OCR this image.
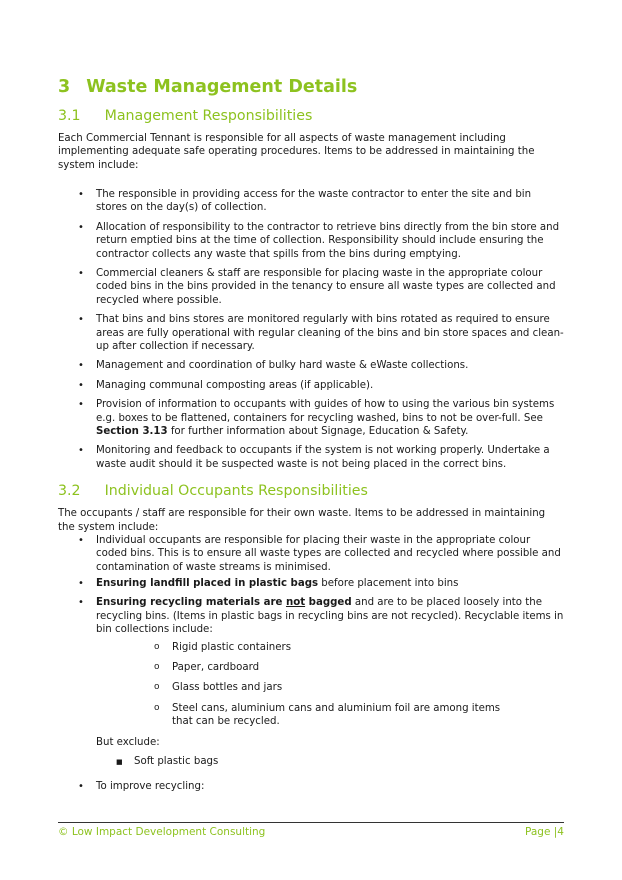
3 Waste Management Details
3.1 Management Responsibilities

Each Commercial Tennant is responsible for all aspects of waste management including implementing adequate safe operating procedures. Items to be addressed in maintaining the system include:

• The responsible in providing access for the waste contractor to enter the site and bin stores on the day(s) of collection.
• Allocation of responsibility to the contractor to retrieve bins directly from the bin store and return emptied bins at the time of collection. Responsibility should include ensuring the contractor collects any waste that spills from the bins during emptying.
• Commercial cleaners & staff are responsible for placing waste in the appropriate colour coded bins in the bins provided in the tenancy to ensure all waste types are collected and recycled where possible.
• That bins and bins stores are monitored regularly with bins rotated as required to ensure areas are fully operational with regular cleaning of the bins and bin store spaces and clean-up after collection if necessary.
• Management and coordination of bulky hard waste & eWaste collections.
• Managing communal composting areas (if applicable).
• Provision of information to occupants with guides of how to using the various bin systems e.g. boxes to be flattened, containers for recycling washed, bins to not be over-full. See Section 3.13 for further information about Signage, Education & Safety.
• Monitoring and feedback to occupants if the system is not working properly. Undertake a waste audit should it be suspected waste is not being placed in the correct bins.
3.2 Individual Occupants Responsibilities

The occupants / staff are responsible for their own waste. Items to be addressed in maintaining the system include:

• Individual occupants are responsible for placing their waste in the appropriate colour coded bins. This is to ensure all waste types are collected and recycled where possible and contamination of waste streams is minimised.
• Ensuring landfill placed in plastic bags before placement into bins
• Ensuring recycling materials are not bagged and are to be placed loosely into the recycling bins. (Items in plastic bags in recycling bins are not recycled). Recyclable items in bin collections include:
o Rigid plastic containers
o Paper, cardboard
o Glass bottles and jars
o Steel cans, aluminium cans and aluminium foil are among items that can be recycled.

But exclude:

■ Soft plastic bags
• To improve recycling:
© Low Impact Development Consulting	Page |4
